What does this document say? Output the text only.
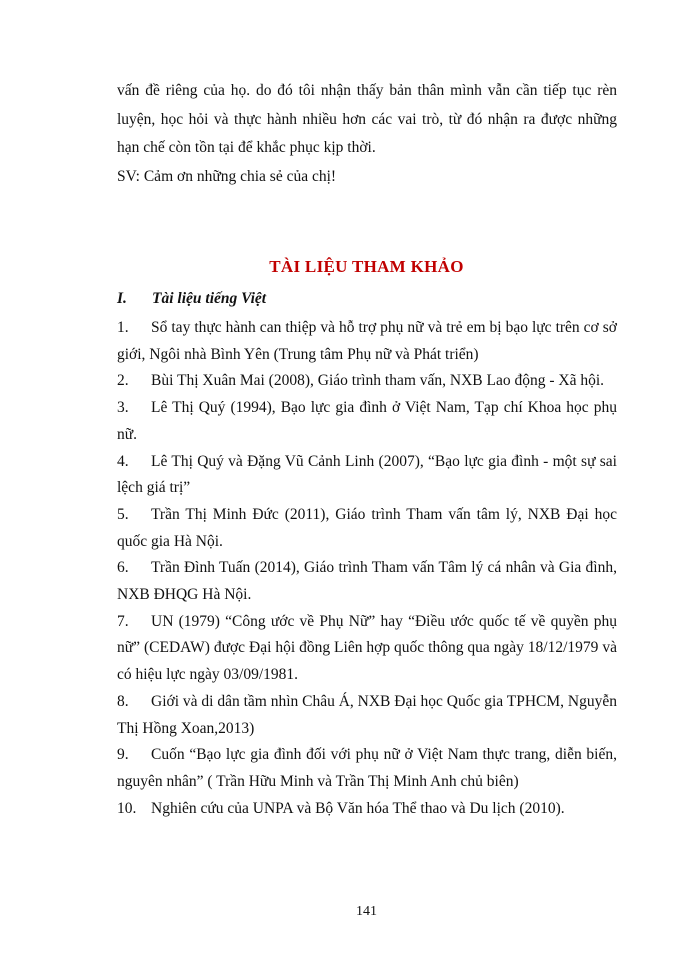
vấn đề riêng của họ. do đó tôi nhận thấy bản thân mình vẫn cần tiếp tục rèn luyện, học hỏi và thực hành nhiều hơn các vai trò, từ đó nhận ra được những hạn chế còn tồn tại để khắc phục kịp thời.

SV: Cảm ơn những chia sẻ của chị!

TÀI LIỆU THAM KHẢO
I. Tài liệu tiếng Việt
1. Sổ tay thực hành can thiệp và hỗ trợ phụ nữ và trẻ em bị bạo lực trên cơ sở giới, Ngôi nhà Bình Yên (Trung tâm Phụ nữ và Phát triển)
2. Bùi Thị Xuân Mai (2008), Giáo trình tham vấn, NXB Lao động - Xã hội.
3. Lê Thị Quý (1994), Bạo lực gia đình ở Việt Nam, Tạp chí Khoa học phụ nữ.
4. Lê Thị Quý và Đặng Vũ Cảnh Linh (2007), “Bạo lực gia đình - một sự sai lệch giá trị”
5. Trần Thị Minh Đức (2011), Giáo trình Tham vấn tâm lý, NXB Đại học quốc gia Hà Nội.
6. Trần Đình Tuấn (2014), Giáo trình Tham vấn Tâm lý cá nhân và Gia đình, NXB ĐHQG Hà Nội.
7. UN (1979) “Công ước về Phụ Nữ” hay “Điều ước quốc tế về quyền phụ nữ” (CEDAW) được Đại hội đồng Liên hợp quốc thông qua ngày 18/12/1979 và có hiệu lực ngày 03/09/1981.
8. Giới và di dân tầm nhìn Châu Á, NXB Đại học Quốc gia TPHCM, Nguyễn Thị Hồng Xoan,2013)
9. Cuốn “Bạo lực gia đình đối với phụ nữ ở Việt Nam thực trang, diễn biến, nguyên nhân” ( Trần Hữu Minh và Trần Thị Minh Anh chủ biên)
10. Nghiên cứu của UNPA và Bộ Văn hóa Thể thao và Du lịch (2010).
141
